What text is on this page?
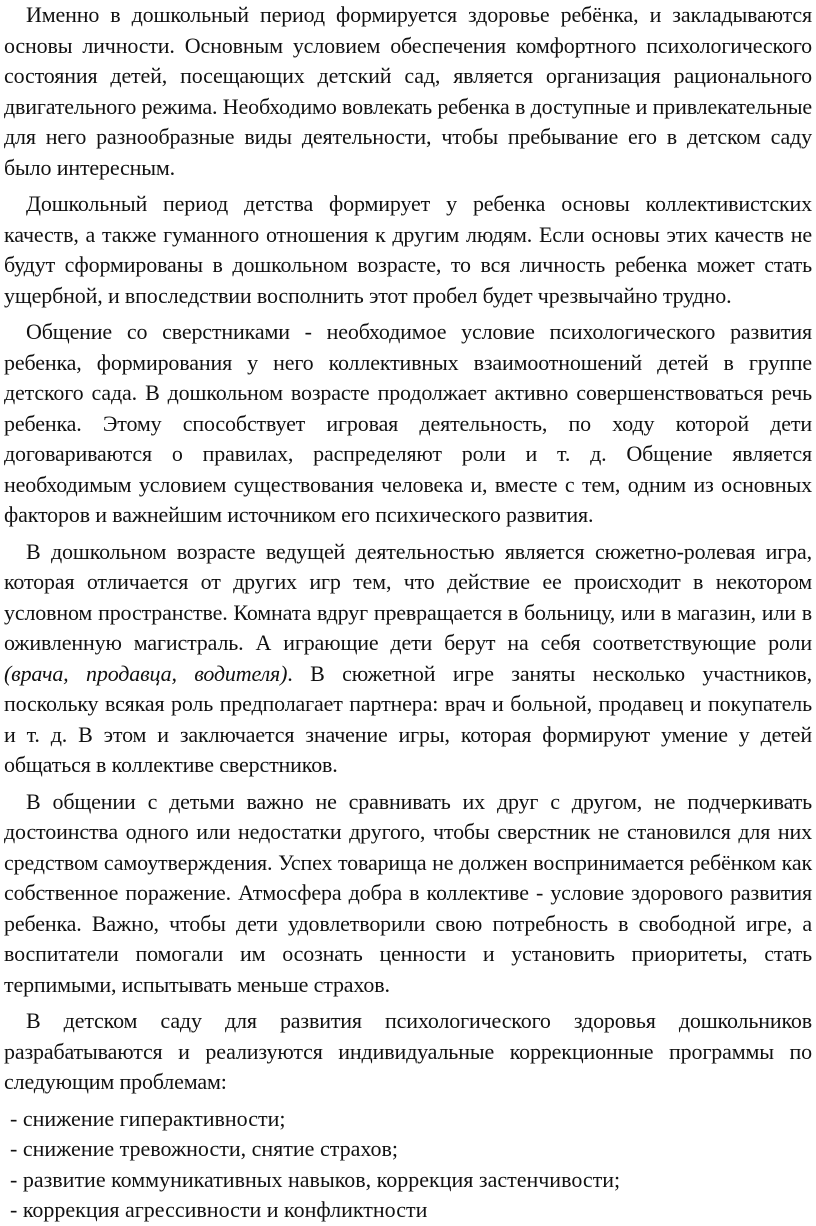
Именно в дошкольный период формируется здоровье ребёнка, и закладываются основы личности. Основным условием обеспечения комфортного психологического состояния детей, посещающих детский сад, является организация рационального двигательного режима. Необходимо вовлекать ребенка в доступные и привлекательные для него разнообразные виды деятельности, чтобы пребывание его в детском саду было интересным.

Дошкольный период детства формирует у ребенка основы коллективистских качеств, а также гуманного отношения к другим людям. Если основы этих качеств не будут сформированы в дошкольном возрасте, то вся личность ребенка может стать ущербной, и впоследствии восполнить этот пробел будет чрезвычайно трудно.

Общение со сверстниками - необходимое условие психологического развития ребенка, формирования у него коллективных взаимоотношений детей в группе детского сада. В дошкольном возрасте продолжает активно совершенствоваться речь ребенка. Этому способствует игровая деятельность, по ходу которой дети договариваются о правилах, распределяют роли и т. д. Общение является необходимым условием существования человека и, вместе с тем, одним из основных факторов и важнейшим источником его психического развития.

В дошкольном возрасте ведущей деятельностью является сюжетно-ролевая игра, которая отличается от других игр тем, что действие ее происходит в некотором условном пространстве. Комната вдруг превращается в больницу, или в магазин, или в оживленную магистраль. А играющие дети берут на себя соответствующие роли (врача, продавца, водителя). В сюжетной игре заняты несколько участников, поскольку всякая роль предполагает партнера: врач и больной, продавец и покупатель и т. д. В этом и заключается значение игры, которая формируют умение у детей общаться в коллективе сверстников.

В общении с детьми важно не сравнивать их друг с другом, не подчеркивать достоинства одного или недостатки другого, чтобы сверстник не становился для них средством самоутверждения. Успех товарища не должен воспринимается ребёнком как собственное поражение. Атмосфера добра в коллективе - условие здорового развития ребенка. Важно, чтобы дети удовлетворили свою потребность в свободной игре, а воспитатели помогали им осознать ценности и установить приоритеты, стать терпимыми, испытывать меньше страхов.

В детском саду для развития психологического здоровья дошкольников разрабатываются и реализуются индивидуальные коррекционные программы по следующим проблемам:

- снижение гиперактивности;
- снижение тревожности, снятие страхов;
- развитие коммуникативных навыков, коррекция застенчивости;
- коррекция агрессивности и конфликтности
